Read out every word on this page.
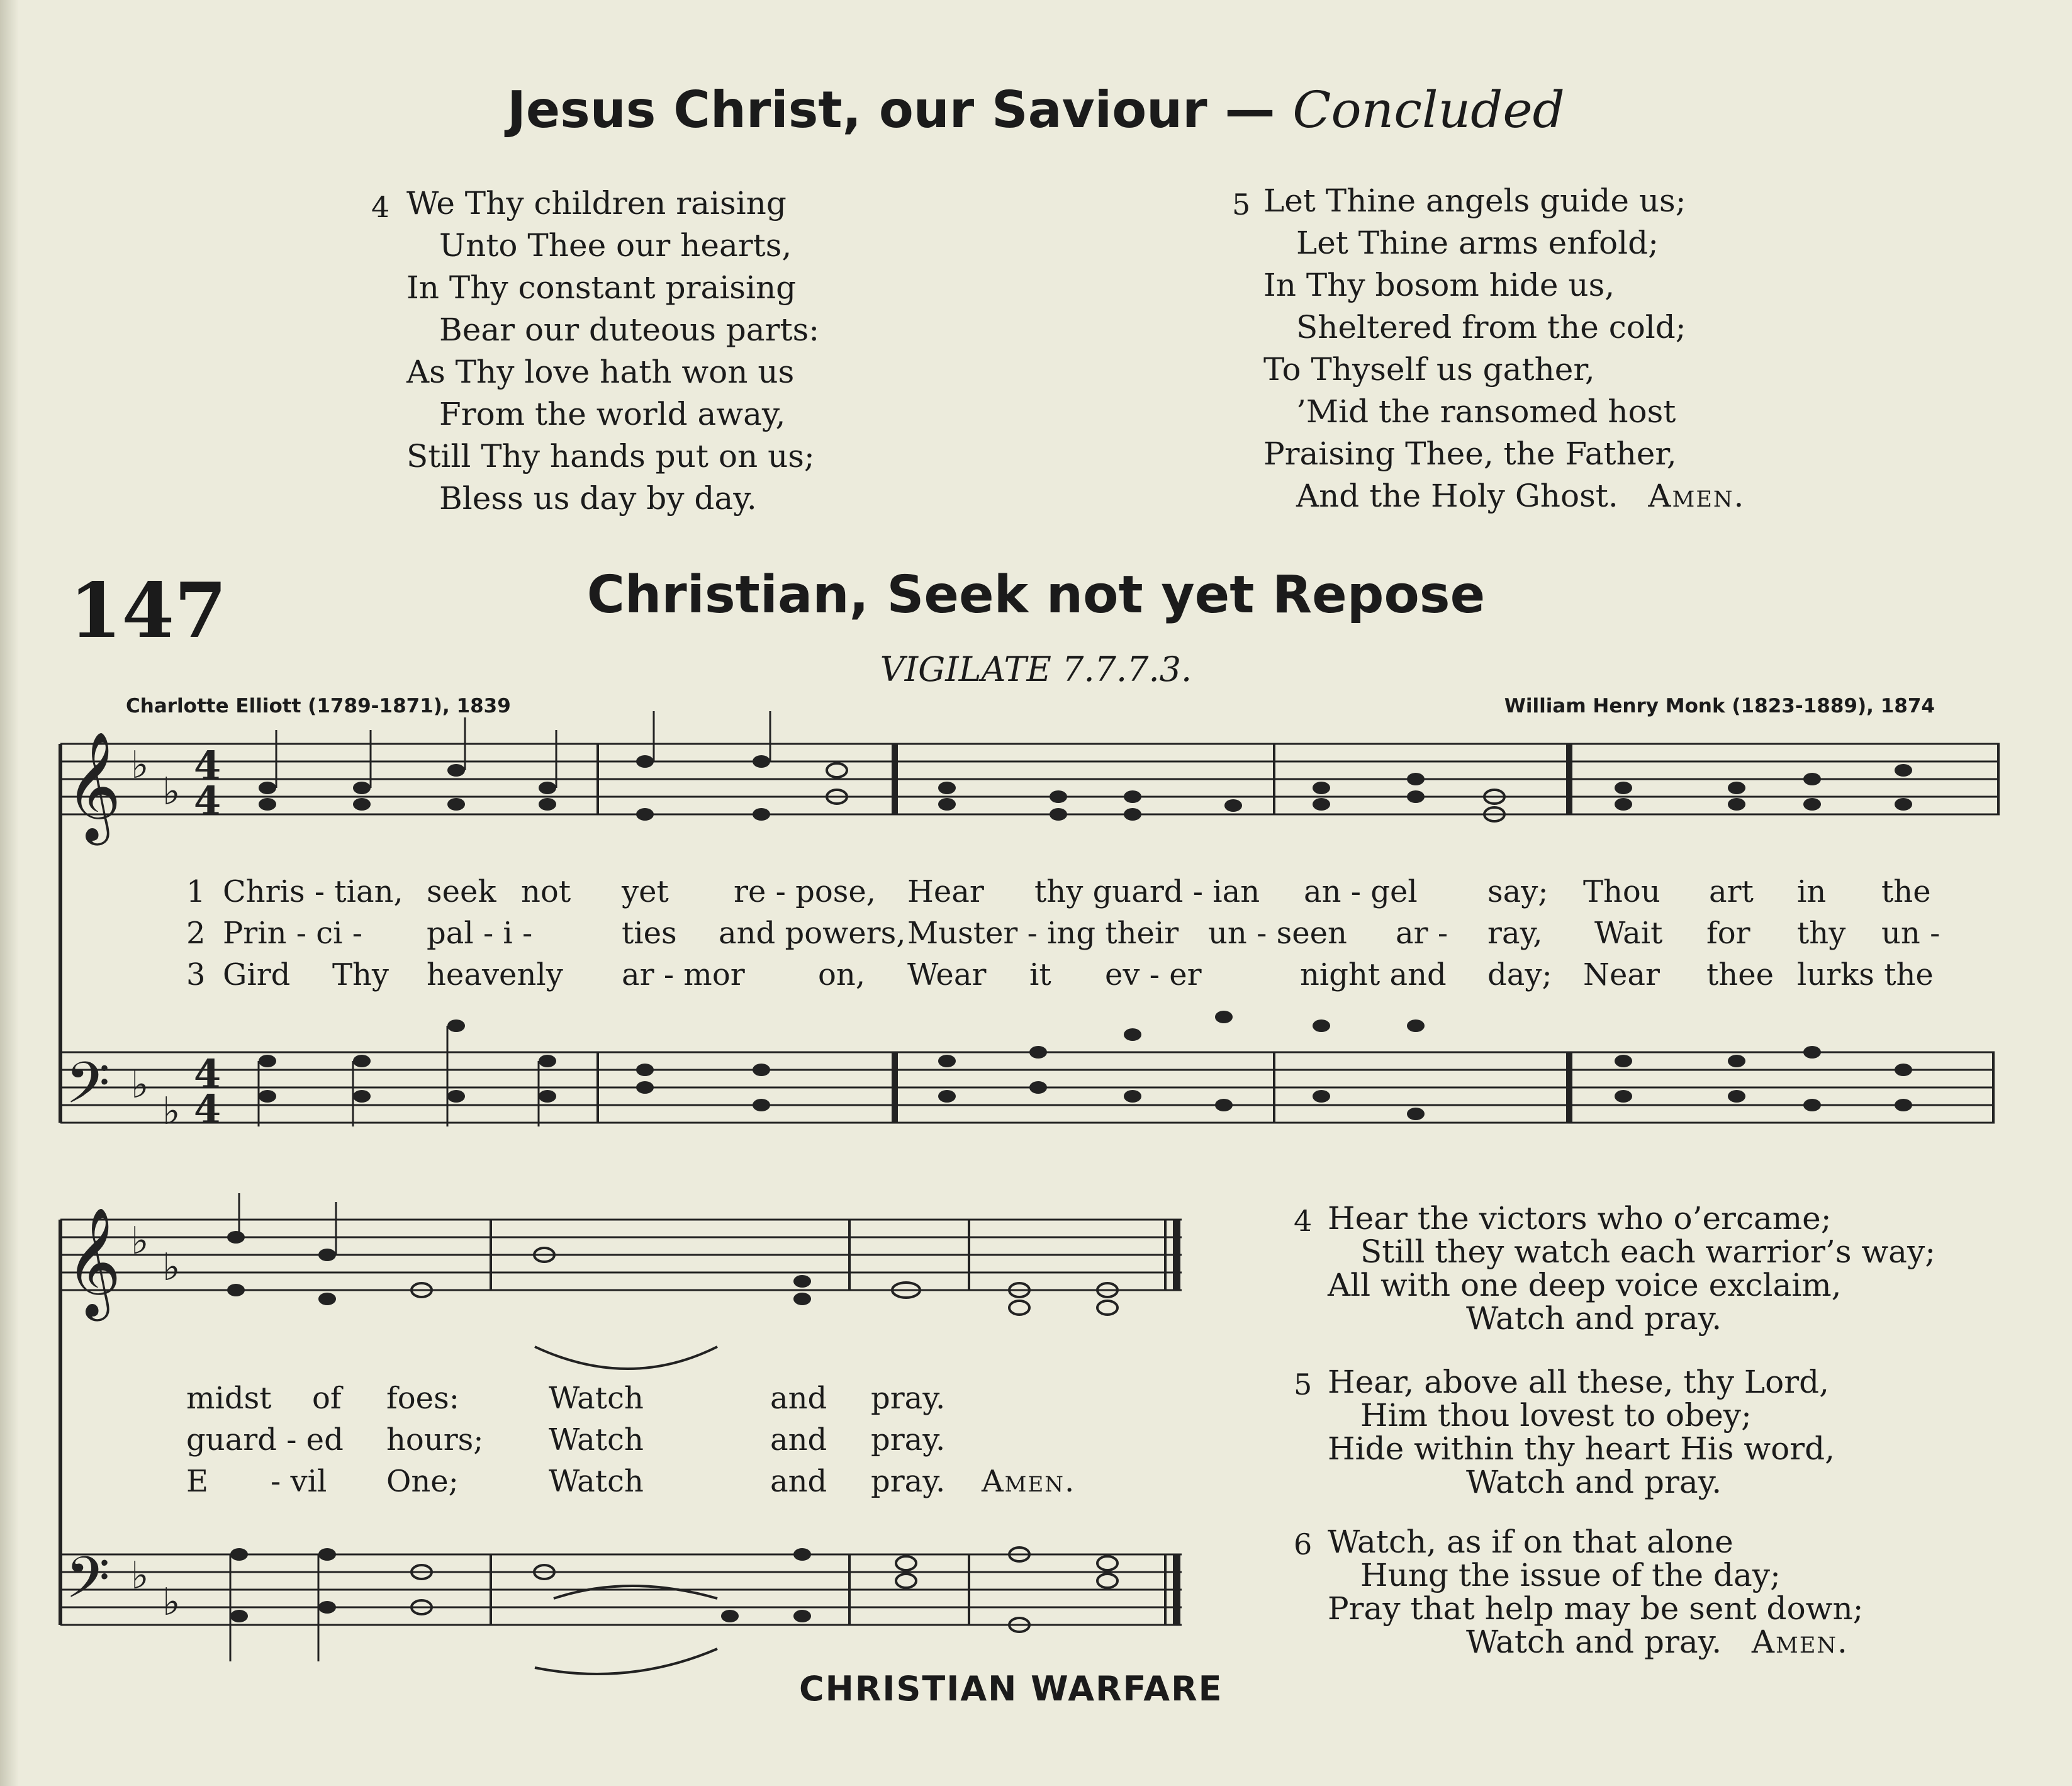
Jesus Christ, our Saviour — Concluded
4 We Thy children raising
Unto Thee our hearts,
In Thy constant praising
Bear our duteous parts:
As Thy love hath won us
From the world away,
Still Thy hands put on us;
Bless us day by day.
5 Let Thine angels guide us;
Let Thine arms enfold;
In Thy bosom hide us,
Sheltered from the cold;
To Thyself us gather,
’Mid the ransomed host
Praising Thee, the Father,
And the Holy Ghost. Amen.
147	Christian, Seek not yet Repose
VIGILATE 7.7.7.3.
Charlotte Elliott (1789-1871), 1839	William Henry Monk (1823-1889), 1874
𝄞
𝄢
𝄞
𝄢
♭
♭
♭
♭
♭
♭
♭
♭
4
4
4
4
1 Chris - tian, seek not yet re - pose, Hear thy guard - ian an - gel say; Thou art in the
2 Prin - ci - pal - i -	ties and powers, Muster - ing their un - seen ar - ray, Wait for thy un -
3 Gird Thy heavenly ar - mor on, Wear it ev - er	night and day; Near thee lurks the
midst of foes:	Watch	and pray.
guard - ed hours; Watch	and pray.
E - vil One;	Watch	and pray. Amen.
4 Hear the victors who o’ercame;
Still they watch each warrior’s way;
All with one deep voice exclaim,
Watch and pray.
5 Hear, above all these, thy Lord,
Him thou lovest to obey;
Hide within thy heart His word,
Watch and pray.
6 Watch, as if on that alone
Hung the issue of the day;
Pray that help may be sent down;
Watch and pray. Amen.
CHRISTIAN WARFARE
